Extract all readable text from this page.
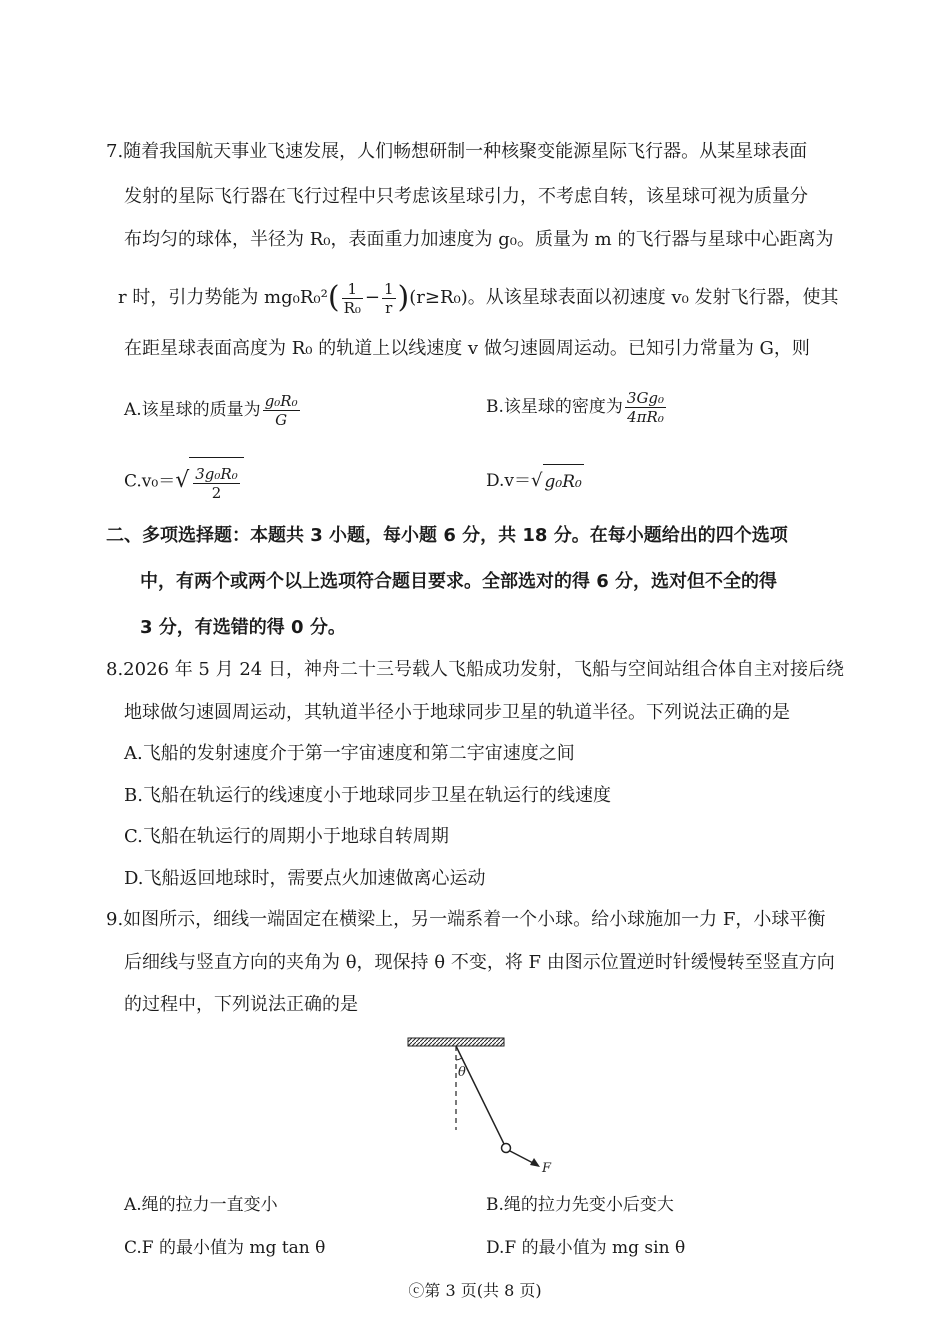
7.随着我国航天事业飞速发展，人们畅想研制一种核聚变能源星际飞行器。从某星球表面
发射的星际飞行器在飞行过程中只考虑该星球引力，不考虑自转，该星球可视为质量分
布均匀的球体，半径为 R₀，表面重力加速度为 g₀。质量为 m 的飞行器与星球中心距离为
r 时，引力势能为 $mg_0R_0^2( \frac{1}{\text{R₀}} - \frac{1}{r} )(r\ge R_0)$。从该星球表面以初速度 v₀ 发射飞行器，使其
在距星球表面高度为 R₀ 的轨道上以线速度 v 做匀速圆周运动。已知引力常量为 G，则
A.该星球的质量为 $\frac{\text{g₀R₀}}{G}$	B.该星球的密度为 $\frac{\text{3Gg₀}}{\text{4πR₀}}$
$C.v_0=√ \frac{\text{3g₀R₀}}{2}$	D.v＝√ g₀R₀
二、多项选择题：本题共 3 小题，每小题 6 分，共 18 分。在每小题给出的四个选项
中，有两个或两个以上选项符合题目要求。全部选对的得 6 分，选对但不全的得
3 分，有选错的得 0 分。
8.2026 年 5 月 24 日，神舟二十三号载人飞船成功发射，飞船与空间站组合体自主对接后绕
地球做匀速圆周运动，其轨道半径小于地球同步卫星的轨道半径。下列说法正确的是
A.飞船的发射速度介于第一宇宙速度和第二宇宙速度之间
B.飞船在轨运行的线速度小于地球同步卫星在轨运行的线速度
C.飞船在轨运行的周期小于地球自转周期
D.飞船返回地球时，需要点火加速做离心运动
9.如图所示，细线一端固定在横梁上，另一端系着一个小球。给小球施加一力 F，小球平衡
后细线与竖直方向的夹角为 θ，现保持 θ 不变，将 F 由图示位置逆时针缓慢转至竖直方向
的过程中，下列说法正确的是
θ
F
A.绳的拉力一直变小	B.绳的拉力先变小后变大
C.F 的最小值为 mg tan θ	D.F 的最小值为 mg sin θ
ⓒ第 3 页(共 8 页)
